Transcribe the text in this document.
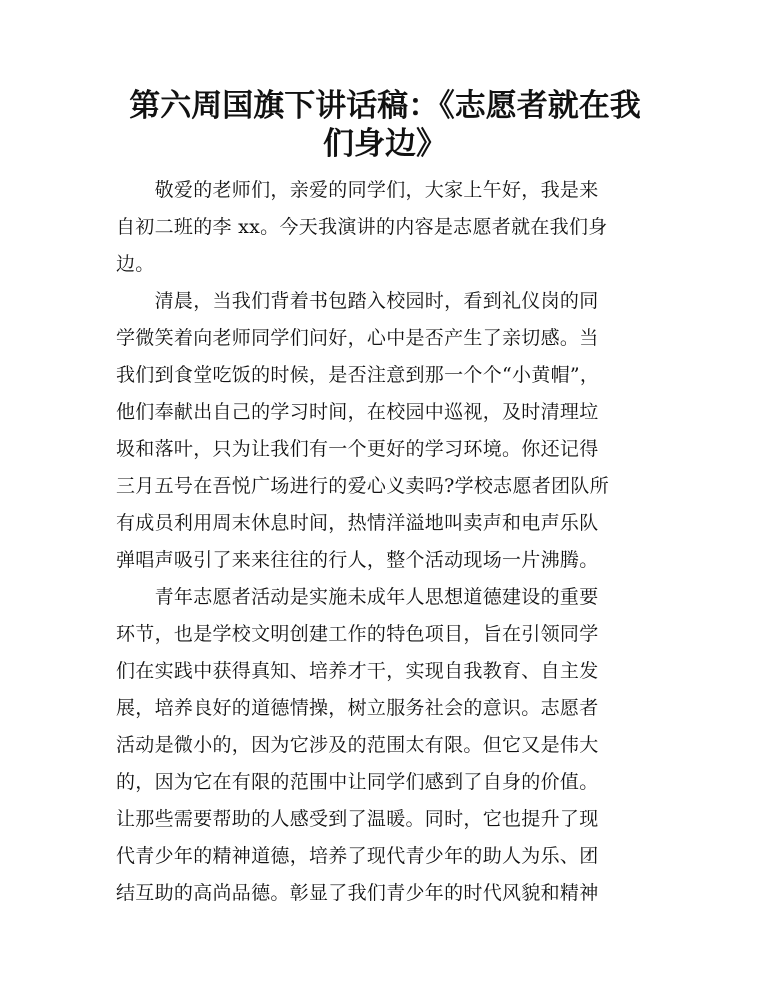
第六周国旗下讲话稿：《志愿者就在我
们身边》
　　敬爱的老师们，亲爱的同学们，大家上午好，我是来
自初二班的李 xx。今天我演讲的内容是志愿者就在我们身
边。
　　清晨，当我们背着书包踏入校园时，看到礼仪岗的同
学微笑着向老师同学们问好，心中是否产生了亲切感。当
我们到食堂吃饭的时候，是否注意到那一个个“小黄帽”，
他们奉献出自己的学习时间，在校园中巡视，及时清理垃
圾和落叶，只为让我们有一个更好的学习环境。你还记得
三月五号在吾悦广场进行的爱心义卖吗?学校志愿者团队所
有成员利用周末休息时间，热情洋溢地叫卖声和电声乐队
弹唱声吸引了来来往往的行人，整个活动现场一片沸腾。
　　青年志愿者活动是实施未成年人思想道德建设的重要
环节，也是学校文明创建工作的特色项目，旨在引领同学
们在实践中获得真知、培养才干，实现自我教育、自主发
展，培养良好的道德情操，树立服务社会的意识。志愿者
活动是微小的，因为它涉及的范围太有限。但它又是伟大
的，因为它在有限的范围中让同学们感到了自身的价值。
让那些需要帮助的人感受到了温暖。同时，它也提升了现
代青少年的精神道德，培养了现代青少年的助人为乐、团
结互助的高尚品德。彰显了我们青少年的时代风貌和精神
